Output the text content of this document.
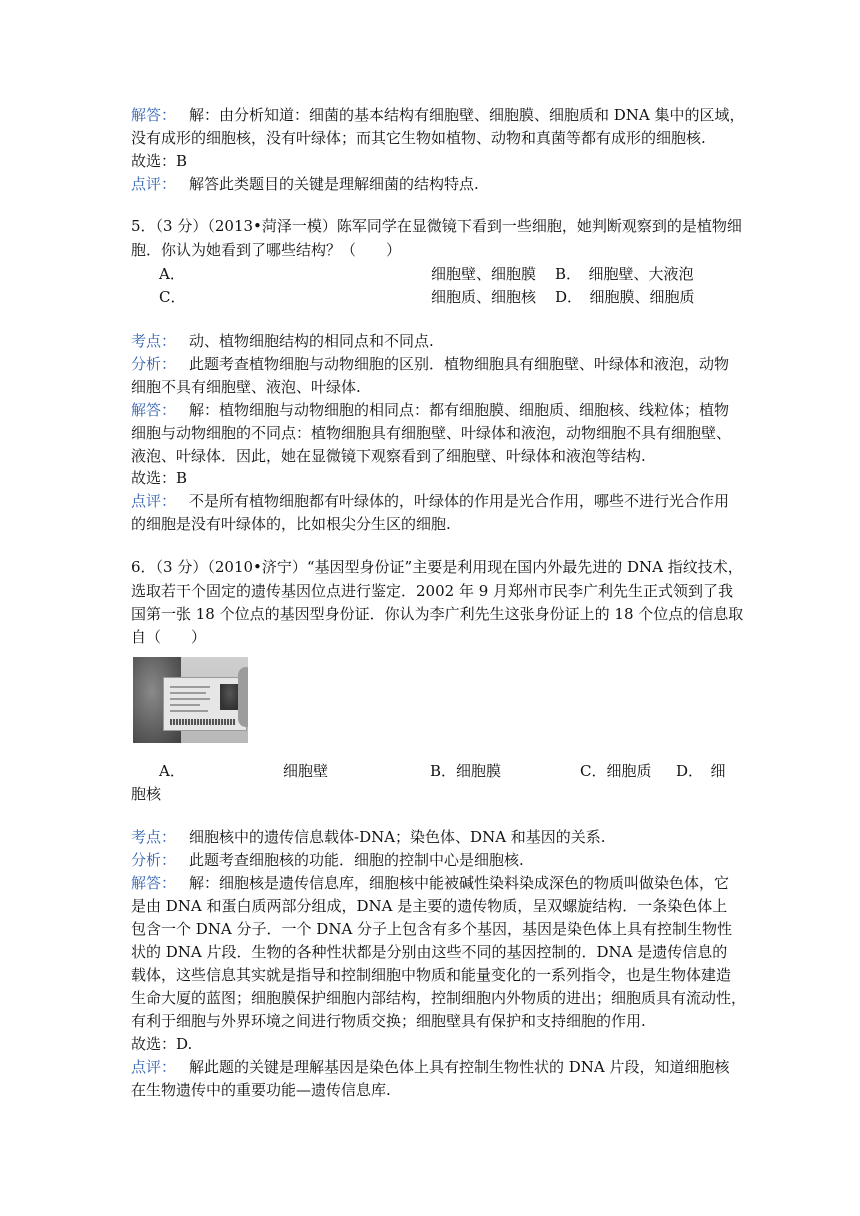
解答： 解：由分析知道：细菌的基本结构有细胞壁、细胞膜、细胞质和 DNA 集中的区域，
没有成形的细胞核，没有叶绿体；而其它生物如植物、动物和真菌等都有成形的细胞核.
故选：B
点评： 解答此类题目的关键是理解细菌的结构特点.
5．（3 分）（2013•菏泽一模）陈军同学在显微镜下看到一些细胞，她判断观察到的是植物细
胞．你认为她看到了哪些结构？（　　）
A．	细胞壁、细胞膜 B．　细胞壁、大液泡
C．	细胞质、细胞核 D．　细胞膜、细胞质
考点： 动、植物细胞结构的相同点和不同点.
分析： 此题考查植物细胞与动物细胞的区别．植物细胞具有细胞壁、叶绿体和液泡，动物
细胞不具有细胞壁、液泡、叶绿体.
解答： 解：植物细胞与动物细胞的相同点：都有细胞膜、细胞质、细胞核、线粒体；植物
细胞与动物细胞的不同点：植物细胞具有细胞壁、叶绿体和液泡，动物细胞不具有细胞壁、
液泡、叶绿体．因此，她在显微镜下观察看到了细胞壁、叶绿体和液泡等结构.
故选：B
点评： 不是所有植物细胞都有叶绿体的，叶绿体的作用是光合作用，哪些不进行光合作用
的细胞是没有叶绿体的，比如根尖分生区的细胞.
6．（3 分）（2010•济宁）“基因型身份证”主要是利用现在国内外最先进的 DNA 指纹技术，
选取若干个固定的遗传基因位点进行鉴定．2002 年 9 月郑州市民李广利先生正式领到了我
国第一张 18 个位点的基因型身份证．你认为李广利先生这张身份证上的 18 个位点的信息取
自（　　）
A．	细胞壁	B．细胞膜	C．细胞质 D．　细
胞核
考点： 细胞核中的遗传信息载体-DNA；染色体、DNA 和基因的关系.
分析： 此题考查细胞核的功能．细胞的控制中心是细胞核.
解答： 解：细胞核是遗传信息库，细胞核中能被碱性染料染成深色的物质叫做染色体，它
是由 DNA 和蛋白质两部分组成，DNA 是主要的遗传物质，呈双螺旋结构．一条染色体上
包含一个 DNA 分子．一个 DNA 分子上包含有多个基因，基因是染色体上具有控制生物性
状的 DNA 片段．生物的各种性状都是分别由这些不同的基因控制的．DNA 是遗传信息的
载体，这些信息其实就是指导和控制细胞中物质和能量变化的一系列指令，也是生物体建造
生命大厦的蓝图；细胞膜保护细胞内部结构，控制细胞内外物质的进出；细胞质具有流动性，
有利于细胞与外界环境之间进行物质交换；细胞壁具有保护和支持细胞的作用.
故选：D.
点评： 解此题的关键是理解基因是染色体上具有控制生物性状的 DNA 片段，知道细胞核
在生物遗传中的重要功能—遗传信息库.
